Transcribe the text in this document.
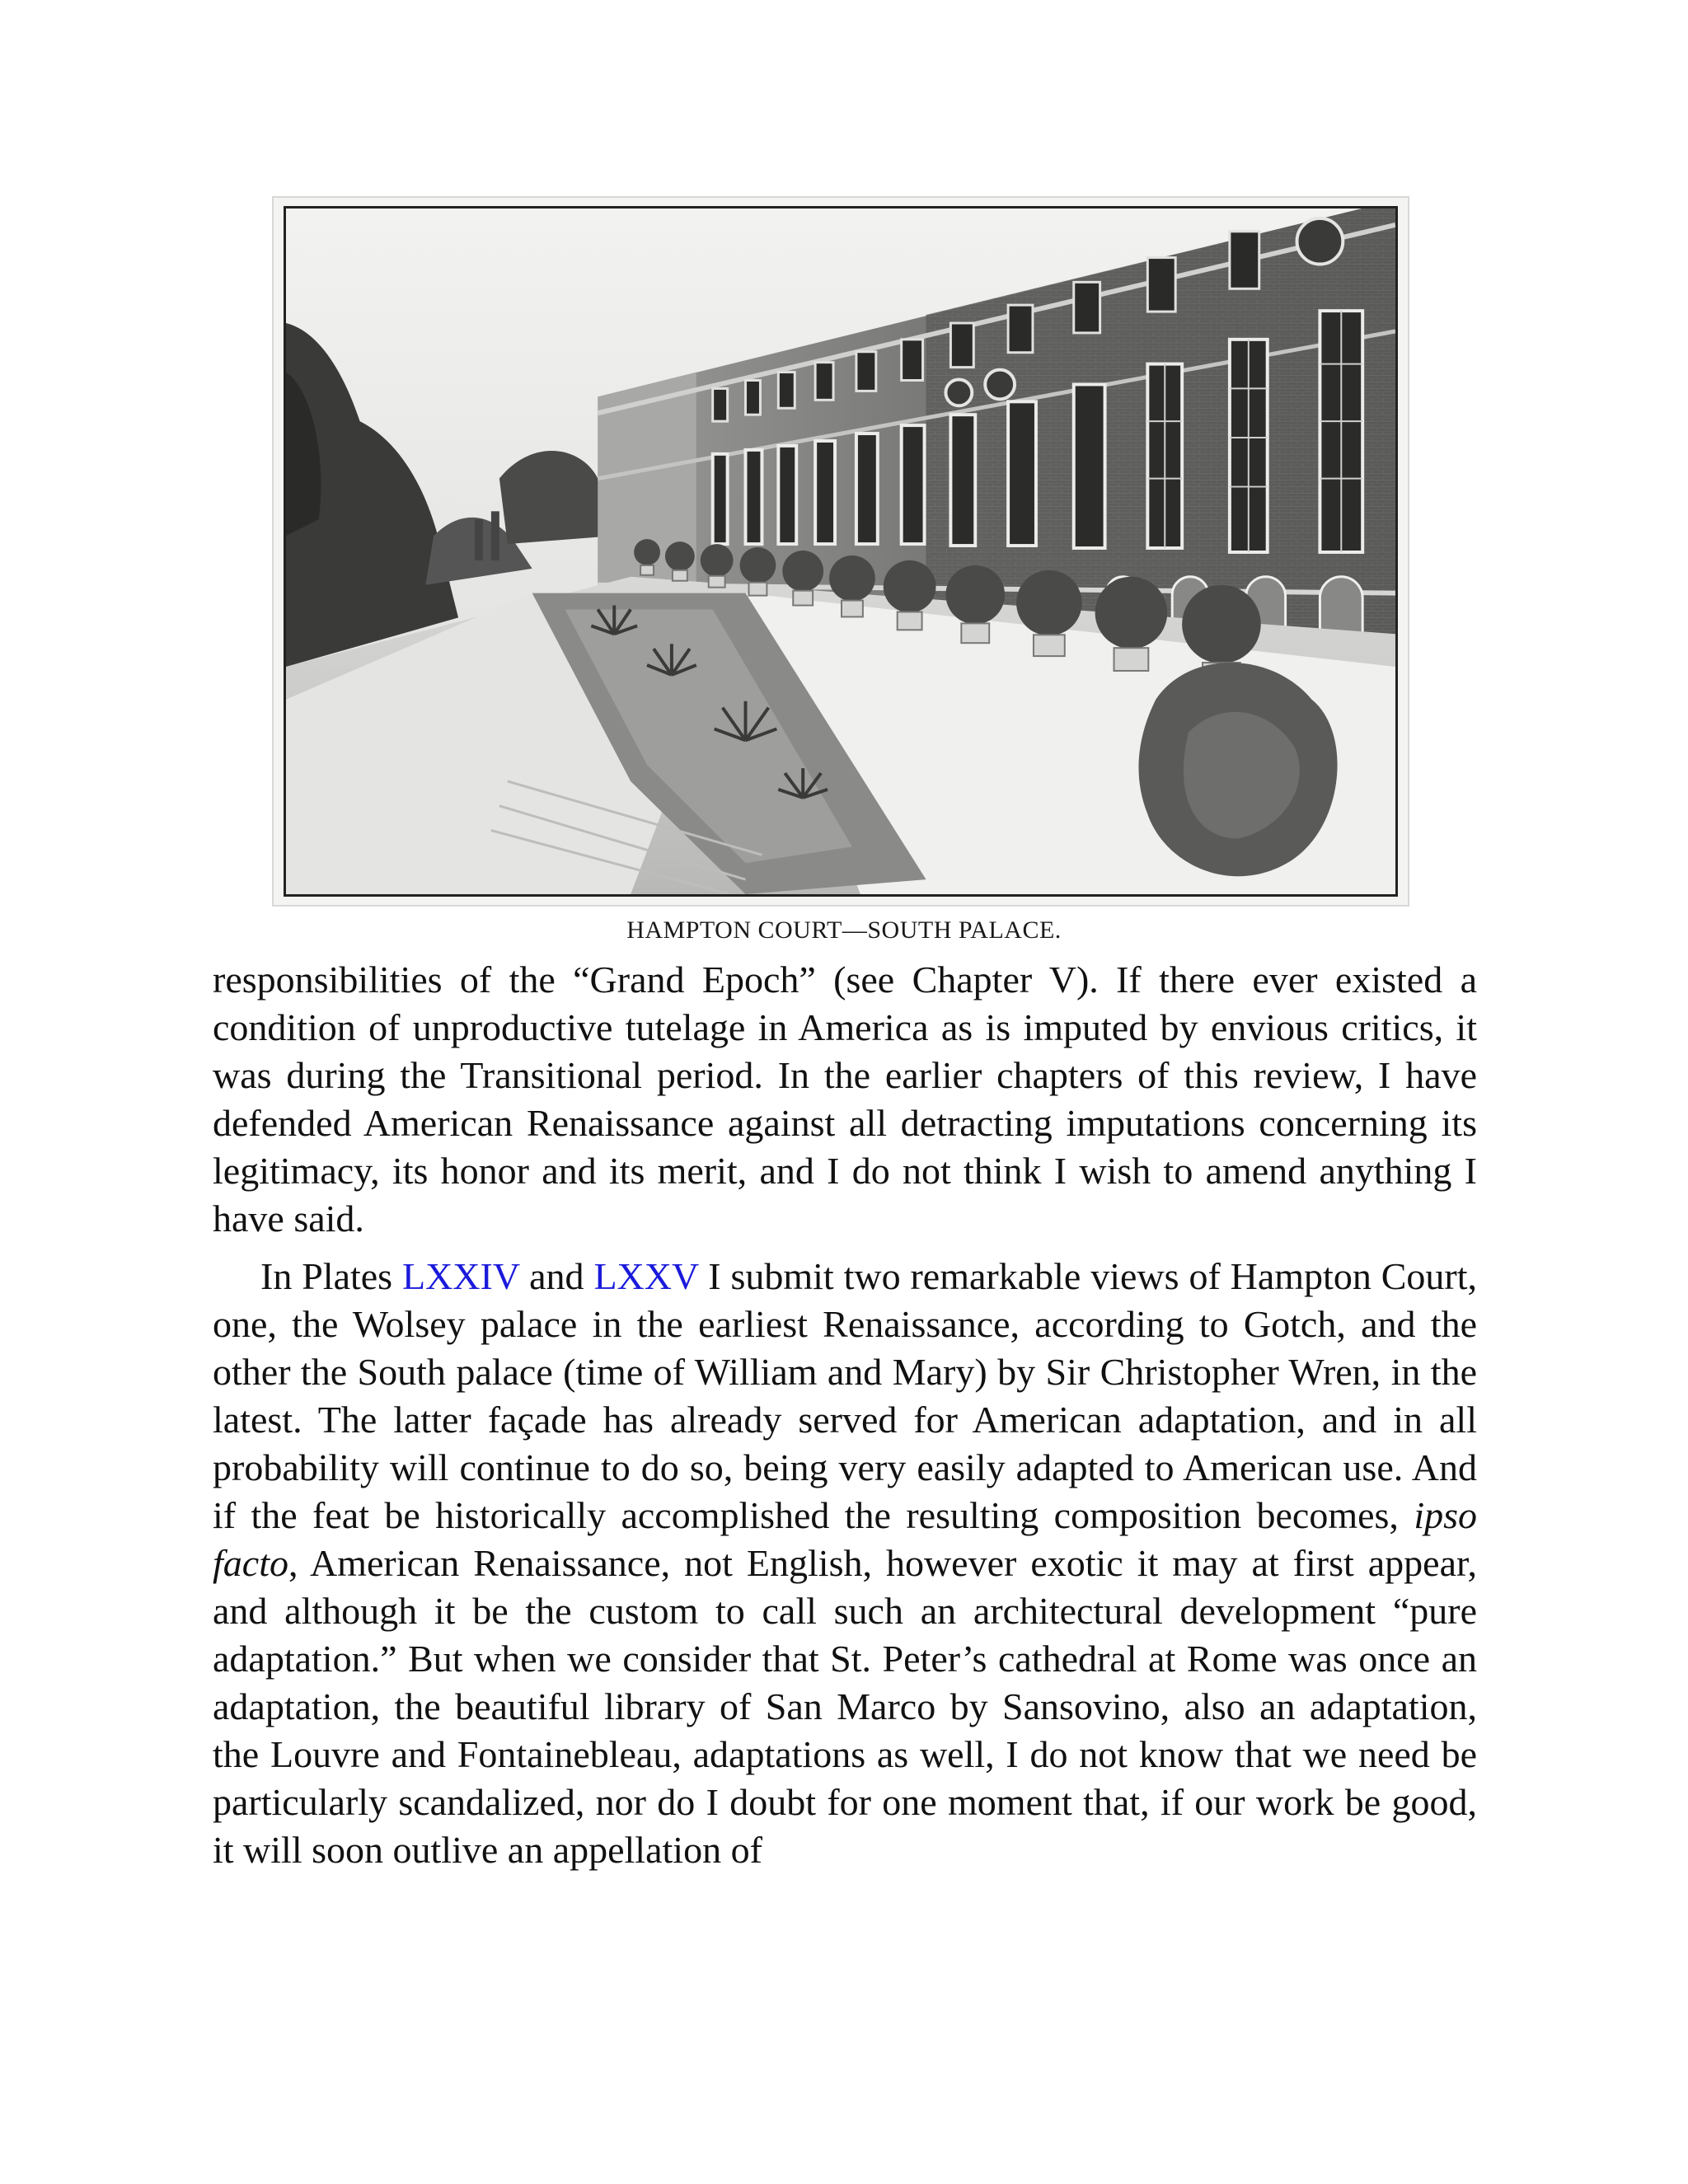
HAMPTON COURT—SOUTH PALACE.

responsibilities of the “Grand Epoch” (see Chapter V). If there ever existed a condition of unproductive tutelage in America as is imputed by envious critics, it was during the Transitional period. In the earlier chapters of this review, I have defended American Renaissance against all detracting imputations concerning its legitimacy, its honor and its merit, and I do not think I wish to amend anything I have said.

In Plates LXXIV and LXXV I submit two remarkable views of Hampton Court, one, the Wolsey palace in the earliest Renaissance, according to Gotch, and the other the South palace (time of William and Mary) by Sir Christopher Wren, in the latest. The latter façade has already served for American adaptation, and in all probability will continue to do so, being very easily adapted to American use. And if the feat be historically accomplished the resulting composition becomes, ipso facto, American Renaissance, not English, however exotic it may at first appear, and although it be the custom to call such an architectural development “pure adaptation.” But when we consider that St. Peter’s cathedral at Rome was once an adaptation, the beautiful library of San Marco by Sansovino, also an adaptation, the Louvre and Fontainebleau, adaptations as well, I do not know that we need be particularly scandalized, nor do I doubt for one moment that, if our work be good, it will soon outlive an appellation of
